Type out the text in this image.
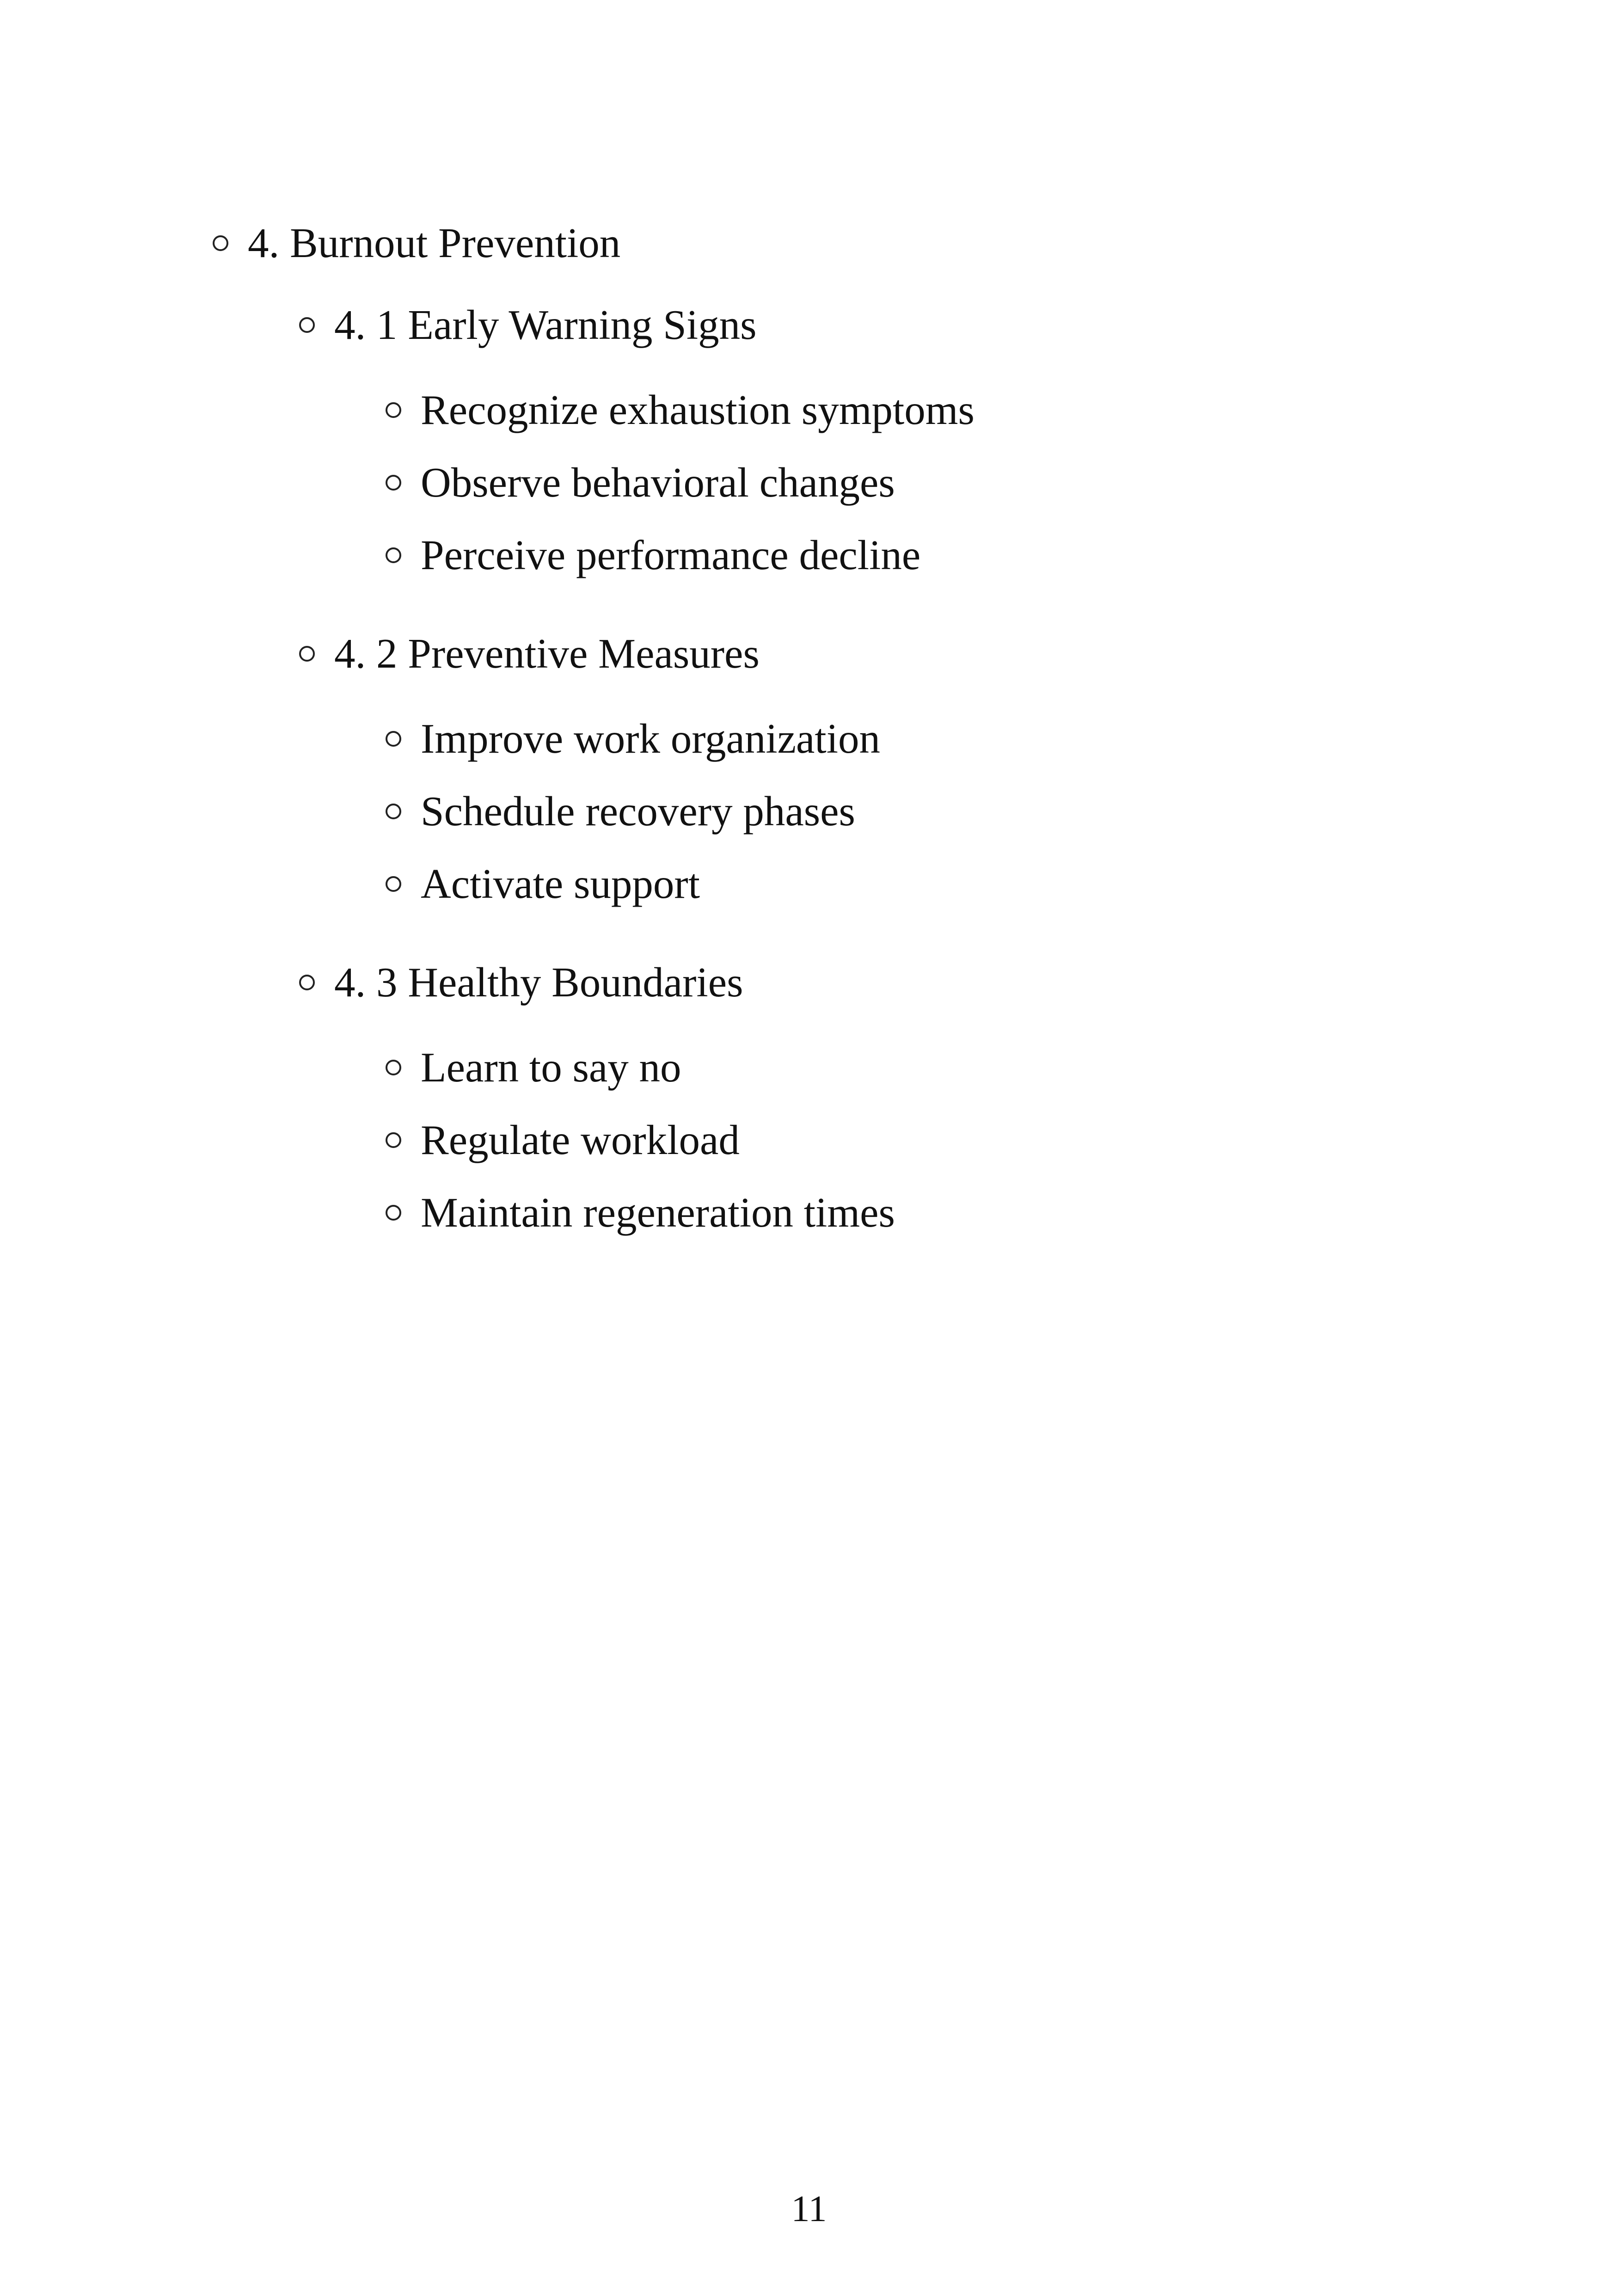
4. Burnout Prevention
4. 1 Early Warning Signs
Recognize exhaustion symptoms
Observe behavioral changes
Perceive performance decline
4. 2 Preventive Measures
Improve work organization
Schedule recovery phases
Activate support
4. 3 Healthy Boundaries
Learn to say no
Regulate workload
Maintain regeneration times
11
